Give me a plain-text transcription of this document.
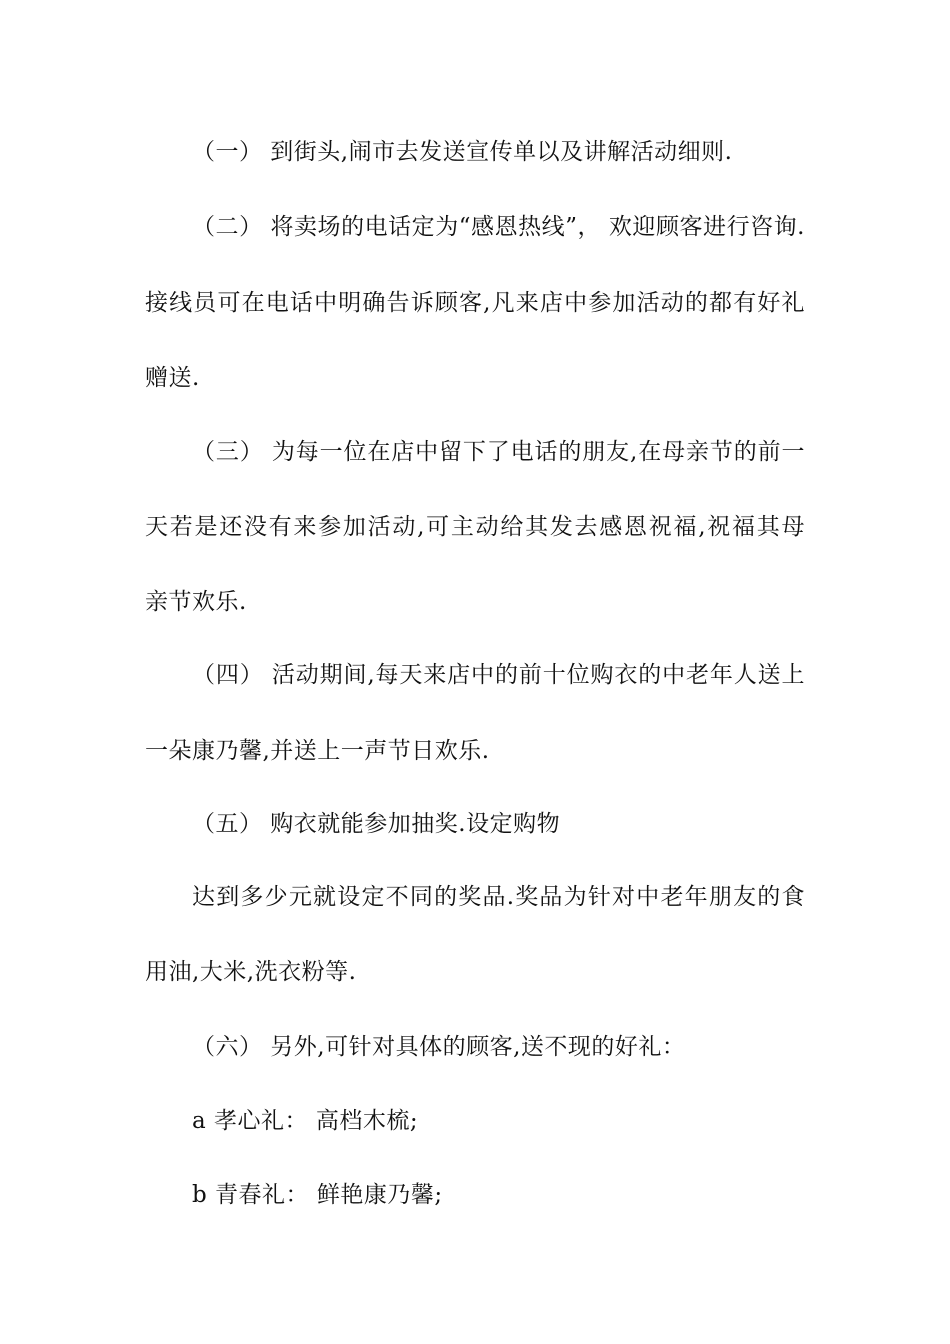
（一） 到街头,闹市去发送宣传单以及讲解活动细则.
（二） 将卖场的电话定为“感恩热线”， 欢迎顾客进行咨询.
接线员可在电话中明确告诉顾客,凡来店中参加活动的都有好礼
赠送.
（三） 为每一位在店中留下了电话的朋友,在母亲节的前一
天若是还没有来参加活动,可主动给其发去感恩祝福,祝福其母
亲节欢乐.
（四） 活动期间,每天来店中的前十位购衣的中老年人送上
一朵康乃馨,并送上一声节日欢乐.
（五） 购衣就能参加抽奖.设定购物
达到多少元就设定不同的奖品.奖品为针对中老年朋友的食
用油,大米,洗衣粉等.
（六） 另外,可针对具体的顾客,送不现的好礼：
a 孝心礼： 高档木梳;
b 青春礼： 鲜艳康乃馨;
